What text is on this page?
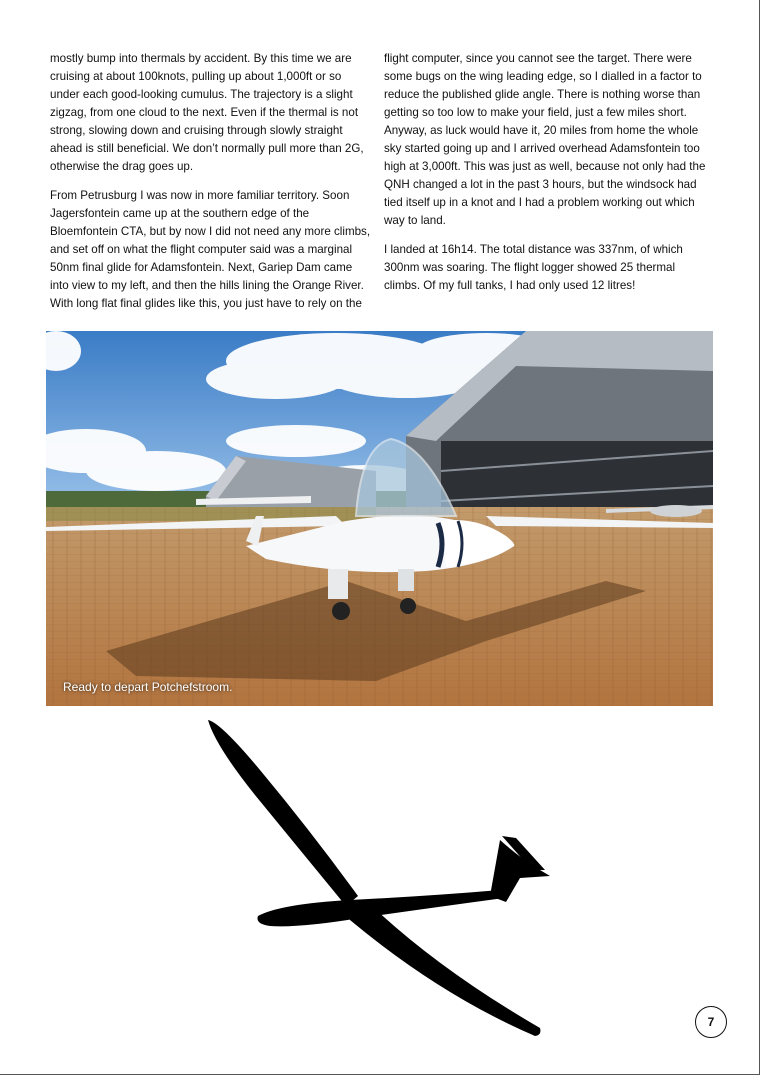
mostly bump into thermals by accident. By this time we are cruising at about 100knots, pulling up about 1,000ft or so under each good-looking cumulus. The trajectory is a slight zigzag, from one cloud to the next. Even if the thermal is not strong, slowing down and cruising through slowly straight ahead is still beneficial. We don’t normally pull more than 2G, otherwise the drag goes up.

From Petrusburg I was now in more familiar territory. Soon Jagersfontein came up at the southern edge of the Bloemfontein CTA, but by now I did not need any more climbs, and set off on what the flight computer said was a marginal 50nm final glide for Adamsfontein. Next, Gariep Dam came into view to my left, and then the hills lining the Orange River. With long flat final glides like this, you just have to rely on the

flight computer, since you cannot see the target. There were some bugs on the wing leading edge, so I dialled in a factor to reduce the published glide angle. There is nothing worse than getting so too low to make your field, just a few miles short. Anyway, as luck would have it, 20 miles from home the whole sky started going up and I arrived overhead Adamsfontein too high at 3,000ft. This was just as well, because not only had the QNH changed a lot in the past 3 hours, but the windsock had tied itself up in a knot and I had a problem working out which way to land.

I landed at 16h14. The total distance was 337nm, of which 300nm was soaring. The flight logger showed 25 thermal climbs. Of my full tanks, I had only used 12 litres!

Ready to depart Potchefstroom.
7
